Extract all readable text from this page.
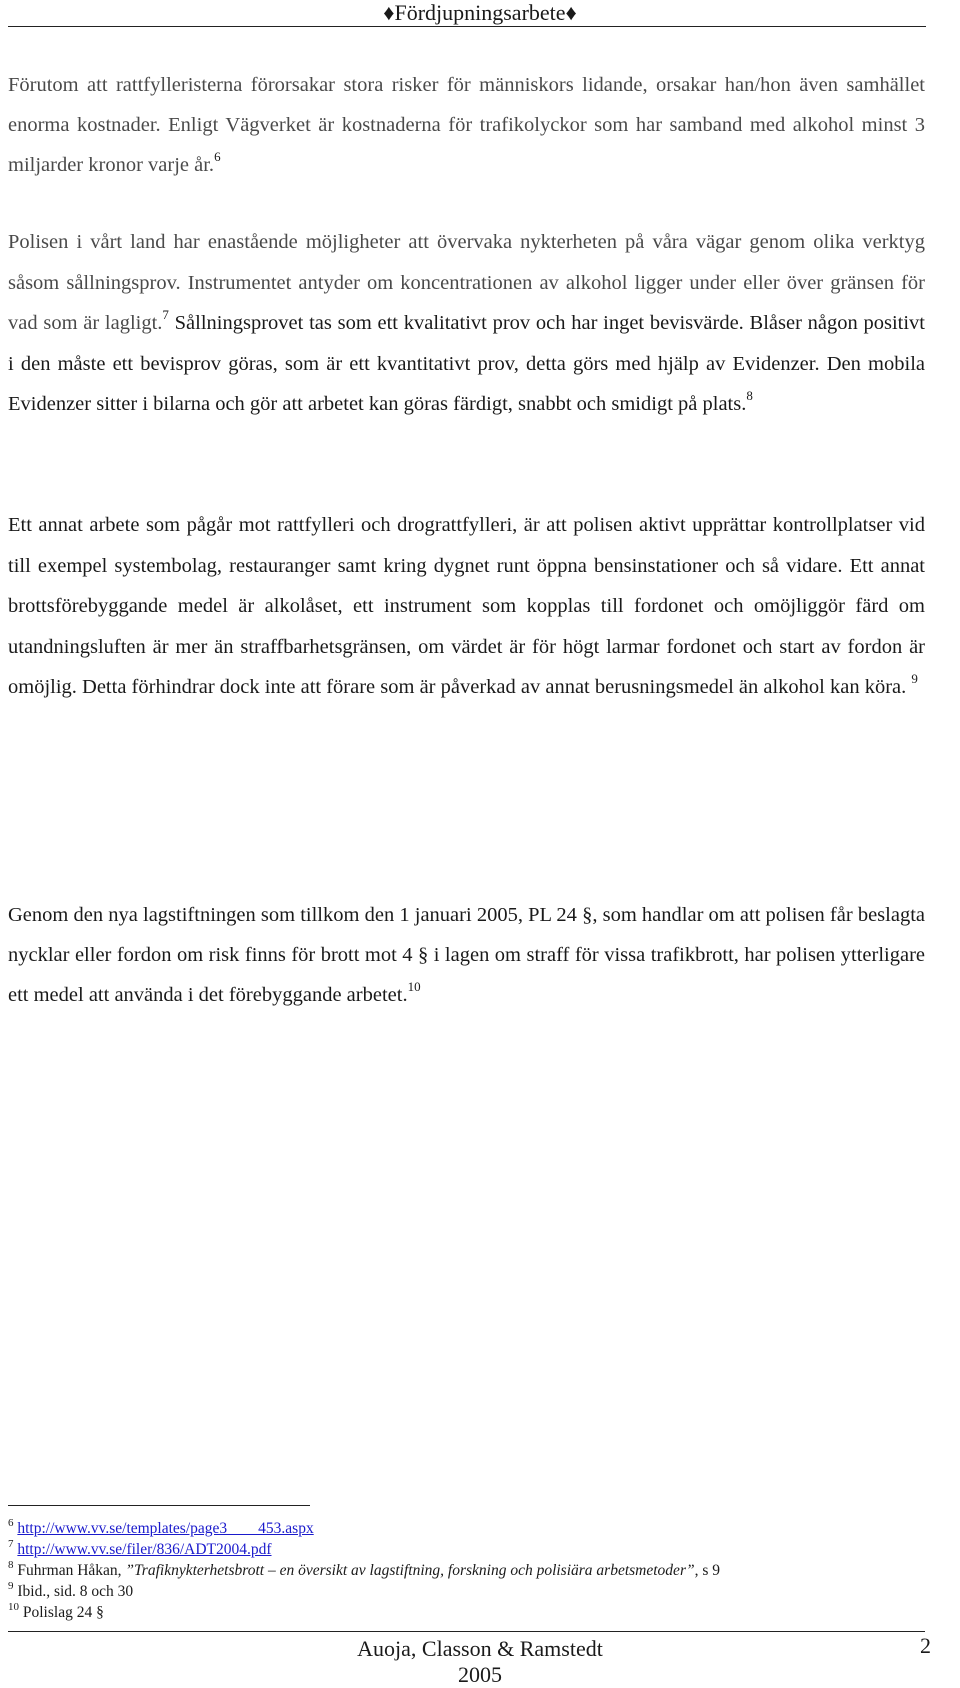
♦Fördjupningsarbete♦

Förutom att rattfylleristerna förorsakar stora risker för människors lidande, orsakar han/hon även samhället enorma kostnader. Enligt Vägverket är kostnaderna för trafikolyckor som har samband med alkohol minst 3 miljarder kronor varje år.$^6$

Polisen i vårt land har enastående möjligheter att övervaka nykterheten på våra vägar genom olika verktyg såsom sållningsprov. Instrumentet antyder om koncentrationen av alkohol ligger under eller över gränsen för vad som är lagligt.$^7$ Sållningsprovet tas som ett kvalitativt prov och har inget bevisvärde. Blåser någon positivt i den måste ett bevisprov göras, som är ett kvantitativt prov, detta görs med hjälp av Evidenzer. Den mobila Evidenzer sitter i bilarna och gör att arbetet kan göras färdigt, snabbt och smidigt på plats.$^8$

Ett annat arbete som pågår mot rattfylleri och drograttfylleri, är att polisen aktivt upprättar kontrollplatser vid till exempel systembolag, restauranger samt kring dygnet runt öppna bensinstationer och så vidare. Ett annat brottsförebyggande medel är alkolåset, ett instrument som kopplas till fordonet och omöjliggör färd om utandningsluften är mer än straffbarhetsgränsen, om värdet är för högt larmar fordonet och start av fordon är omöjlig. Detta förhindrar dock inte att förare som är påverkad av annat berusningsmedel än alkohol kan köra. $^9$

Genom den nya lagstiftningen som tillkom den 1 januari 2005, PL 24 §, som handlar om att polisen får beslagta nycklar eller fordon om risk finns för brott mot 4 § i lagen om straff för vissa trafikbrott, har polisen ytterligare ett medel att använda i det förebyggande arbetet.$^{10}$

$^6$ http://www.vv.se/templates/page3____453.aspx
$^7$ http://www.vv.se/filer/836/ADT2004.pdf
$^8$ Fuhrman Håkan, ”Trafiknykterhetsbrott – en översikt av lagstiftning, forskning och polisiära arbetsmetoder”, s 9
$^9$ Ibid., sid. 8 och 30
$^{10}$ Polislag 24 §
Auoja, Classon & Ramstedt
2005
2
